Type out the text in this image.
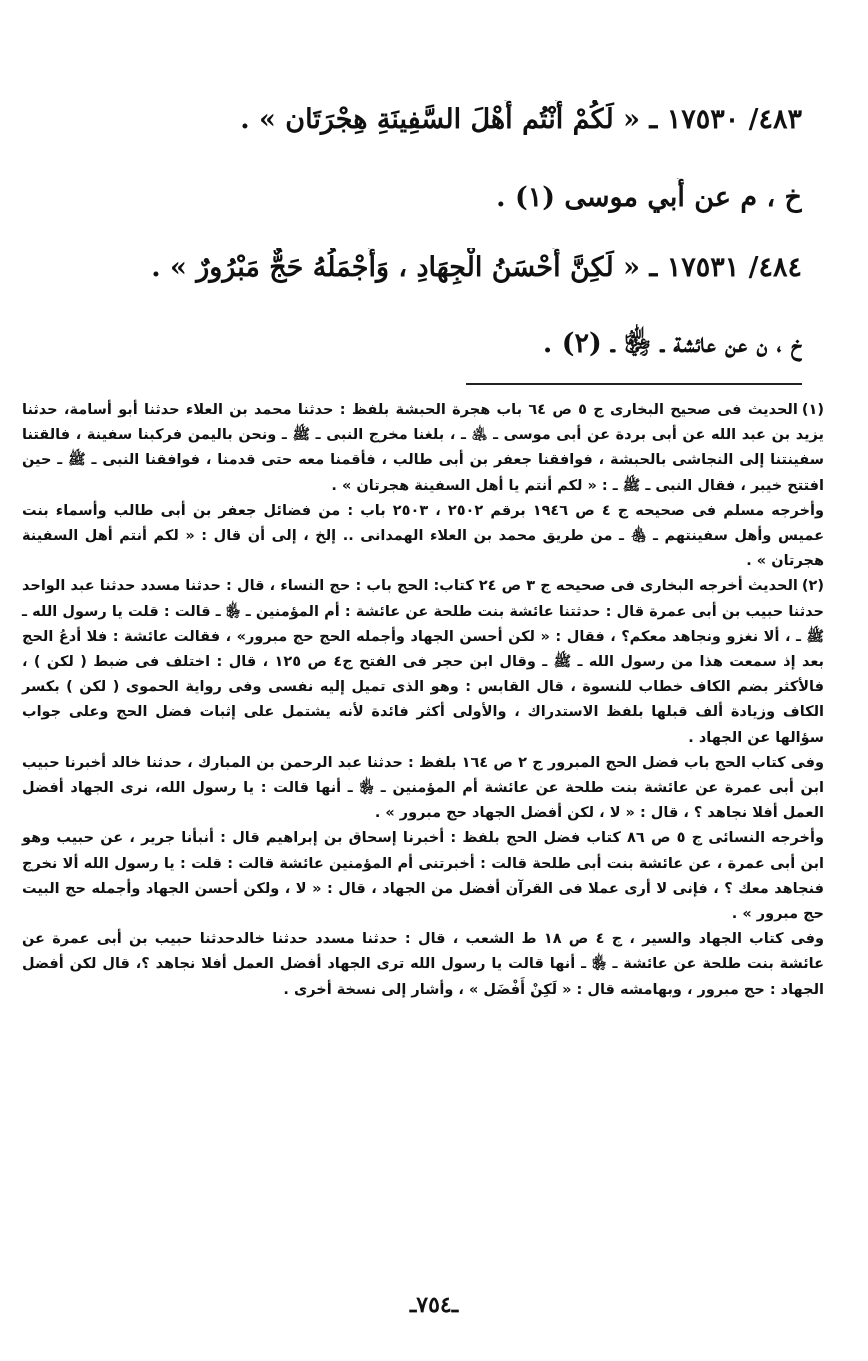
٤٨٣/ ١٧٥٣٠ ـ « لَكُمْ أَنْتُم أَهْلَ السَّفِينَةِ هِجْرَتَان » .
خ ، م عن أَبي موسى (١) .
٤٨٤/ ١٧٥٣١ ـ « لَكِنَّ أَحْسَنُ الْجِهَادِ ، وَأَجْمَلُهُ حَجٌّ مَبْرُورٌ » .
خ ، ن عن عائشة ـ ﵂ ـ (٢) .

(١)الحديث فى صحيح البخارى ج ٥ ص ٦٤ باب هجرة الحبشة بلفظ : حدثنا محمد بن العلاء حدثنا أبو أسامة، حدثنا يزيد بن عبد الله عن أبى بردة عن أبى موسى ـ ﵁ ـ ، بلغنا مخرج النبى ـ ﷺ ـ ونحن باليمن فركبنا سفينة ، فالقتنا سفينتنا إلى النجاشى بالحبشة ، فوافقنا جعفر بن أبى طالب ، فأقمنا معه حتى قدمنا ، فوافقنا النبى ـ ﷺ ـ حين افتتح خيبر ، فقال النبى ـ ﷺ ـ : « لكم أنتم يا أهل السفينة هجرتان » .

وأخرجه مسلم فى صحيحه ج ٤ ص ١٩٤٦ برقم ٢٥٠٢ ، ٢٥٠٣ باب : من فضائل جعفر بن أبى طالب وأسماء بنت عميس وأهل سفينتهم ـ ﵃ ـ من طريق محمد بن العلاء الهمدانى .. إلخ ، إلى أن قال : « لكم أنتم أهل السفينة هجرتان » .

(٢)الحديث أخرجه البخارى فى صحيحه ج ٣ ص ٢٤ كتاب: الحج باب : حج النساء ، قال : حدثنا مسدد حدثنا عبد الواحد حدثنا حبيب بن أبى عمرة قال : حدثتنا عائشة بنت طلحة عن عائشة : أم المؤمنين ـ ﵂ ـ قالت : قلت يا رسول الله ـ ﷺ ـ ، ألا نغزو ونجاهد معكم؟ ، فقال : « لكن أحسن الجهاد وأجمله الحج حج مبرور» ، فقالت عائشة : فلا أدعُ الحج بعد إذ سمعت هذا من رسول الله ـ ﷺ ـ وقال ابن حجر فى الفتح ج٤ ص ١٢٥ ، قال : اختلف فى ضبط ( لكن ) ، فالأكثر بضم الكاف خطاب للنسوة ، قال القابس : وهو الذى تميل إليه نفسى وفى رواية الحموى ( لكن ) بكسر الكاف وزيادة ألف قبلها بلفظ الاستدراك ، والأولى أكثر فائدة لأنه يشتمل على إثبات فضل الحج وعلى جواب سؤالها عن الجهاد .

وفى كتاب الحج باب فضل الحج المبرور ج ٢ ص ١٦٤ بلفظ : حدثنا عبد الرحمن بن المبارك ، حدثنا خالد أخبرنا حبيب ابن أبى عمرة عن عائشة بنت طلحة عن عائشة أم المؤمنين ـ ﵂ ـ أنها قالت : يا رسول الله، نرى الجهاد أفضل العمل أفلا نجاهد ؟ ، قال : « لا ، لكن أفضل الجهاد حج مبرور » .

وأخرجه النسائى ج ٥ ص ٨٦ كتاب فضل الحج بلفظ : أخبرنا إسحاق بن إبراهيم قال : أنبأنا جرير ، عن حبيب وهو ابن أبى عمرة ، عن عائشة بنت أبى طلحة قالت : أخبرتنى أم المؤمنين عائشة قالت : قلت : يا رسول الله ألا نخرج فنجاهد معك ؟ ، فإنى لا أرى عملا فى القرآن أفضل من الجهاد ، قال : « لا ، ولكن أحسن الجهاد وأجمله حج البيت حج مبرور » .

وفى كتاب الجهاد والسير ، ج ٤ ص ١٨ ط الشعب ، قال : حدثنا مسدد حدثنا خالدحدثنا حبيب بن أبى عمرة عن عائشة بنت طلحة عن عائشة ـ ﵂ ـ أنها قالت يا رسول الله ترى الجهاد أفضل العمل أفلا نجاهد ؟، قال لكن أفضل الجهاد : حج مبرور ، وبهامشه قال : « لَكِنْ أَفْضَل » ، وأشار إلى نسخة أخرى .

ـ٧٥٤ـ
